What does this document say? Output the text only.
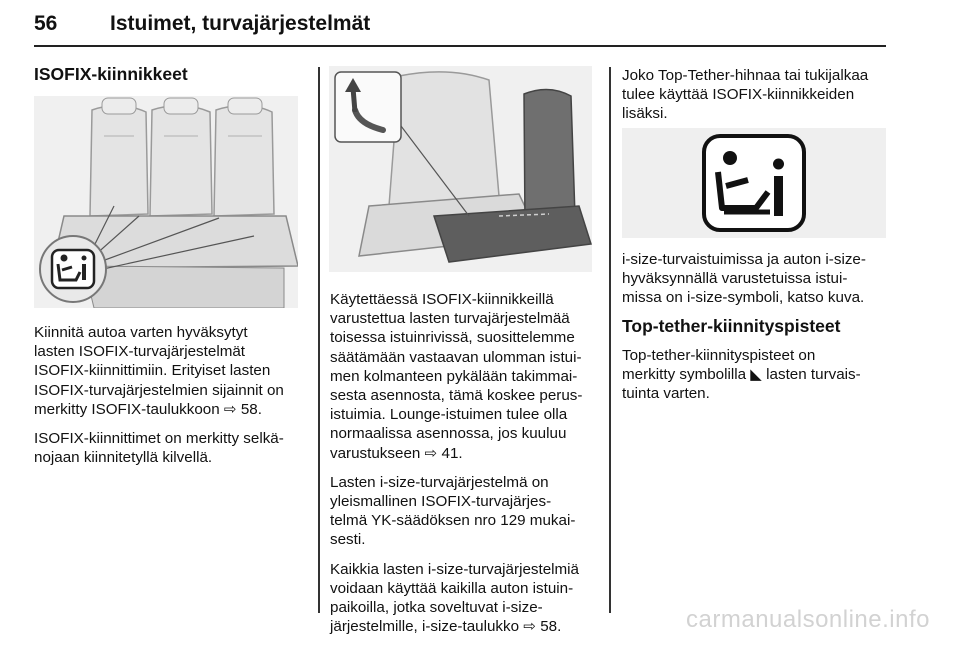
56	Istuimet, turvajärjestelmät
ISOFIX-kiinnikkeet

Kiinnitä autoa varten hyväksytyt
lasten ISOFIX-turvajärjestelmät
ISOFIX-kiinnittimiin. Erityiset lasten
ISOFIX-turvajärjestelmien sijainnit on
merkitty ISOFIX-taulukkoon ⇨ 58.

ISOFIX-kiinnittimet on merkitty selkä-
nojaan kiinnitetyllä kilvellä.

Käytettäessä ISOFIX-kiinnikkeillä
varustettua lasten turvajärjestelmää
toisessa istuinrivissä, suosittelemme
säätämään vastaavan ulomman istui-
men kolmanteen pykälään takimmai-
sesta asennosta, tämä koskee perus-
istuimia. Lounge-istuimen tulee olla
normaalissa asennossa, jos kuuluu
varustukseen ⇨ 41.

Lasten i-size-turvajärjestelmä on
yleismallinen ISOFIX-turvajärjes-
telmä YK-säädöksen nro 129 mukai-
sesti.

Kaikkia lasten i-size-turvajärjestelmiä
voidaan käyttää kaikilla auton istuin-
paikoilla, jotka soveltuvat i-size-
järjestelmille, i-size-taulukko ⇨ 58.

Joko Top-Tether-hihnaa tai tukijalkaa
tulee käyttää ISOFIX-kiinnikkeiden
lisäksi.

i-size-turvaistuimissa ja auton i-size-
hyväksynnällä varustetuissa istui-
missa on i-size-symboli, katso kuva.

Top-tether-kiinnityspisteet

Top-tether-kiinnityspisteet on
merkitty symbolilla ◣ lasten turvais-
tuinta varten.

carmanualsonline.info
